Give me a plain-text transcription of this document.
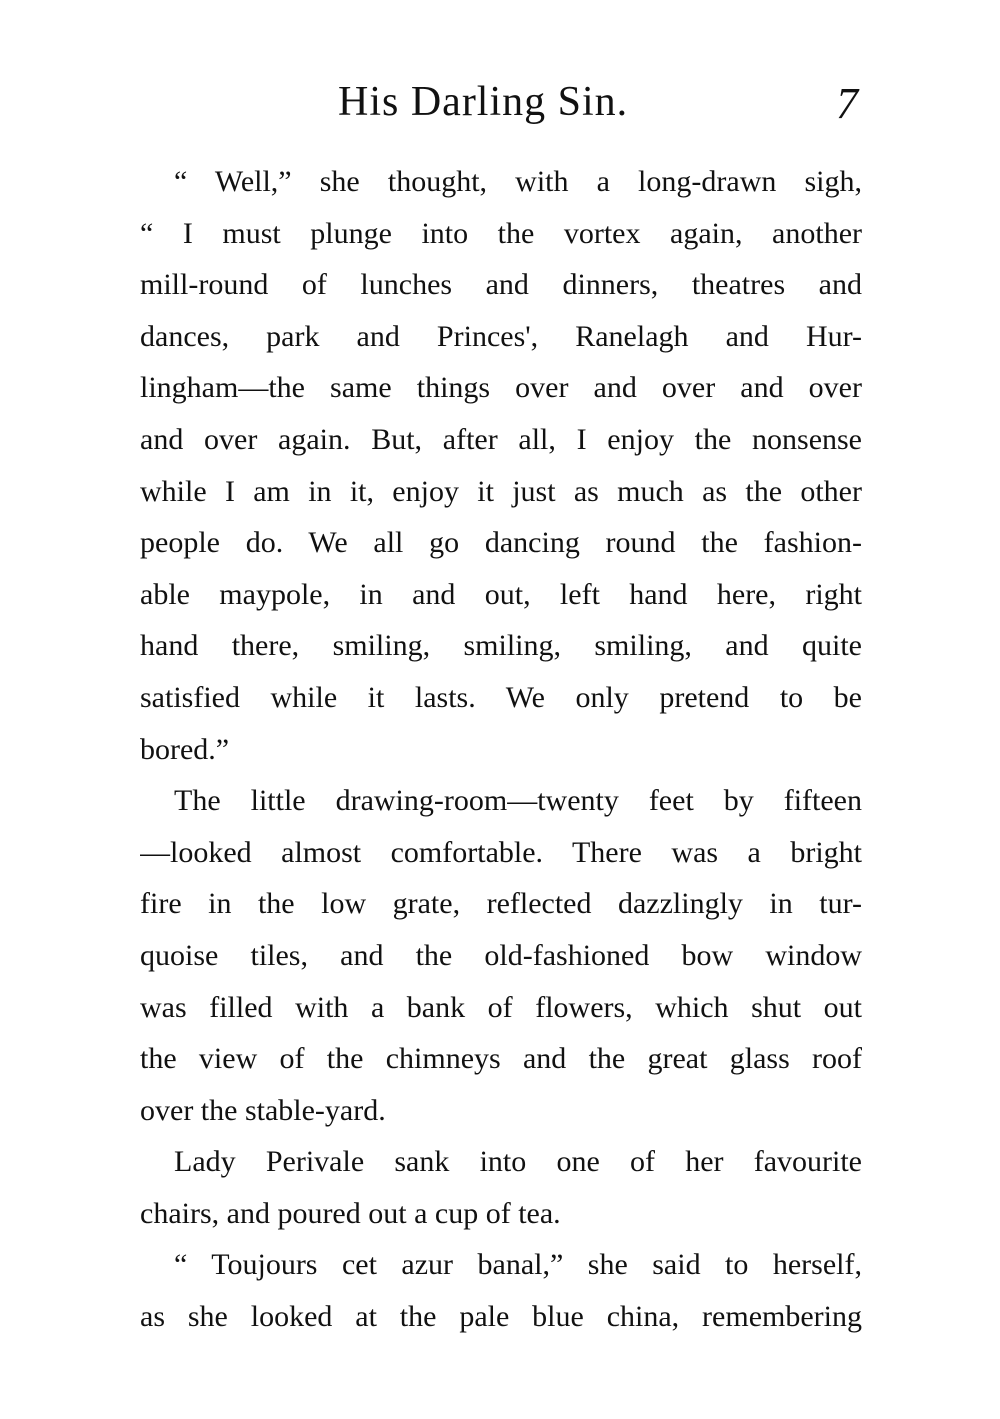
His Darling Sin.	7
“ Well,” she thought, with a long-drawn sigh,
“ I must plunge into the vortex again, another
mill-round of lunches and dinners, theatres and
dances, park and Princes', Ranelagh and Hur-
lingham—the same things over and over and over
and over again. But, after all, I enjoy the nonsense
while I am in it, enjoy it just as much as the other
people do. We all go dancing round the fashion-
able maypole, in and out, left hand here, right
hand there, smiling, smiling, smiling, and quite
satisfied while it lasts. We only pretend to be
bored.”
The little drawing-room—twenty feet by fifteen
—looked almost comfortable. There was a bright
fire in the low grate, reflected dazzlingly in tur-
quoise tiles, and the old-fashioned bow window
was filled with a bank of flowers, which shut out
the view of the chimneys and the great glass roof
over the stable-yard.
Lady Perivale sank into one of her favourite
chairs, and poured out a cup of tea.
“ Toujours cet azur banal,” she said to herself,
as she looked at the pale blue china, remembering
